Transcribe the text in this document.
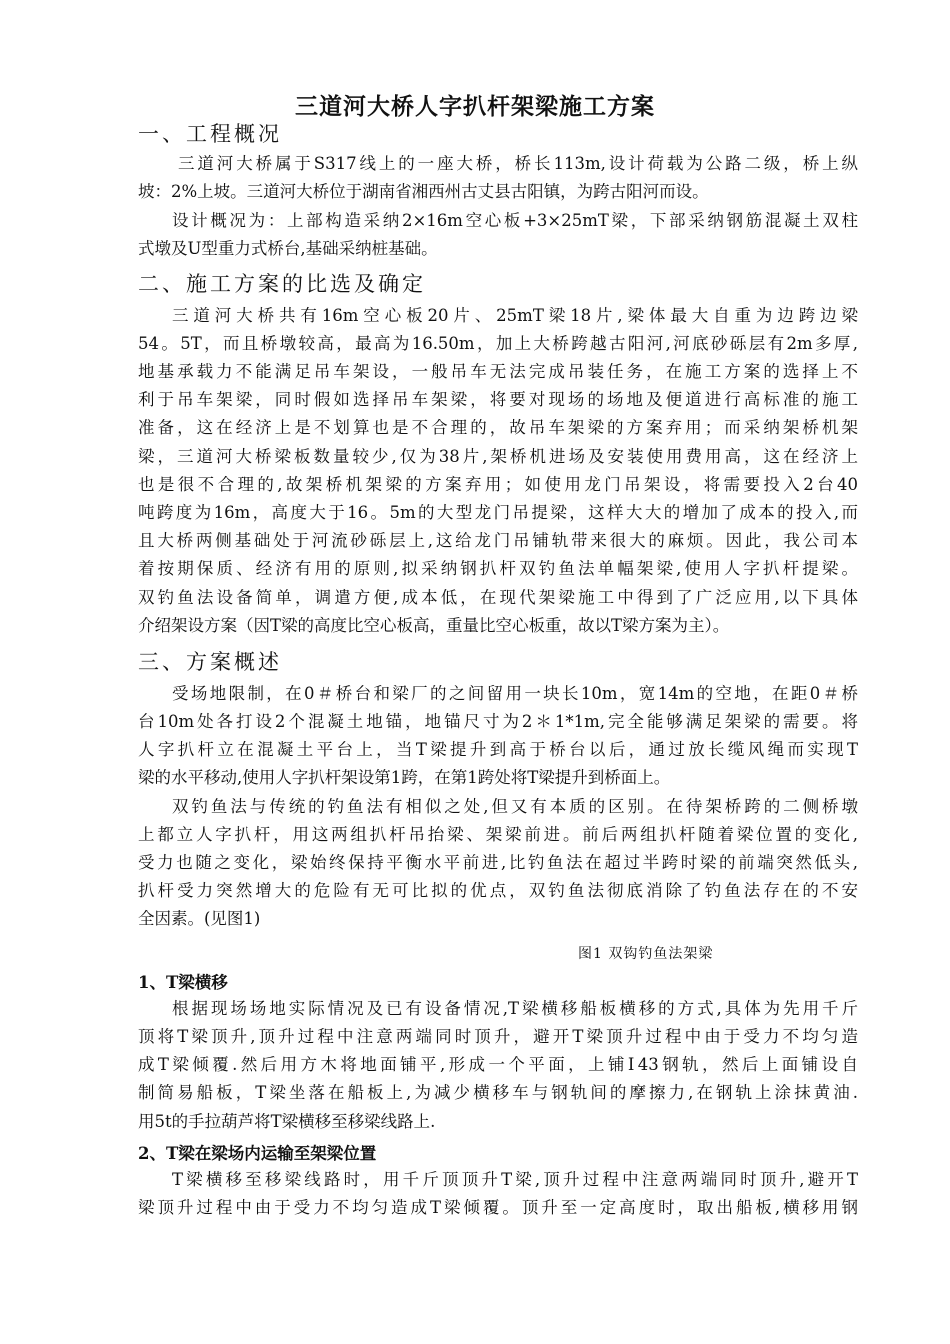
三道河大桥人字扒杆架梁施工方案
一、工程概况
三道河大桥属于S317线上的一座大桥，桥长113m,设计荷载为公路二级，桥上纵
坡：2%上坡。三道河大桥位于湖南省湘西州古丈县古阳镇，为跨古阳河而设。
设计概况为：上部构造采纳2×16m空心板+3×25mT梁，下部采纳钢筋混凝土双柱
式墩及U型重力式桥台,基础采纳桩基础。
二、施工方案的比选及确定
三道河大桥共有16m空心板20片、25mT梁18片,梁体最大自重为边跨边梁
54。5T，而且桥墩较高，最高为16.50m，加上大桥跨越古阳河,河底砂砾层有2m多厚,
地基承载力不能满足吊车架设，一般吊车无法完成吊装任务，在施工方案的选择上不
利于吊车架梁，同时假如选择吊车架梁，将要对现场的场地及便道进行高标准的施工
准备，这在经济上是不划算也是不合理的，故吊车架梁的方案弃用；而采纳架桥机架
梁，三道河大桥梁板数量较少,仅为38片,架桥机进场及安装使用费用高，这在经济上
也是很不合理的,故架桥机架梁的方案弃用；如使用龙门吊架设，将需要投入2台40
吨跨度为16m，高度大于16。5m的大型龙门吊提梁，这样大大的增加了成本的投入,而
且大桥两侧基础处于河流砂砾层上,这给龙门吊铺轨带来很大的麻烦。因此，我公司本
着按期保质、经济有用的原则,拟采纳钢扒杆双钓鱼法单幅架梁,使用人字扒杆提梁。
双钓鱼法设备简单，调遣方便,成本低，在现代架梁施工中得到了广泛应用,以下具体
介绍架设方案（因T梁的高度比空心板高，重量比空心板重，故以T梁方案为主）。
三、方案概述
受场地限制，在0＃桥台和梁厂的之间留用一块长10m，宽14m的空地，在距0＃桥
台10m处各打设2个混凝土地锚，地锚尺寸为2＊1*1m,完全能够满足架梁的需要。将
人字扒杆立在混凝土平台上，当T梁提升到高于桥台以后，通过放长缆风绳而实现T
梁的水平移动,使用人字扒杆架设第1跨，在第1跨处将T梁提升到桥面上。
双钓鱼法与传统的钓鱼法有相似之处,但又有本质的区别。在待架桥跨的二侧桥墩
上都立人字扒杆，用这两组扒杆吊抬梁、架梁前进。前后两组扒杆随着梁位置的变化,
受力也随之变化，梁始终保持平衡水平前进,比钓鱼法在超过半跨时梁的前端突然低头,
扒杆受力突然增大的危险有无可比拟的优点，双钓鱼法彻底消除了钓鱼法存在的不安
全因素。(见图1)
图1 双钩钓鱼法架梁
1、T梁横移
根据现场场地实际情况及已有设备情况,T梁横移船板横移的方式,具体为先用千斤
顶将T梁顶升,顶升过程中注意两端同时顶升，避开T梁顶升过程中由于受力不均匀造
成T梁倾覆.然后用方木将地面铺平,形成一个平面，上铺Ⅰ43钢轨，然后上面铺设自
制简易船板，T梁坐落在船板上,为减少横移车与钢轨间的摩擦力,在钢轨上涂抹黄油.
用5t的手拉葫芦将T梁横移至移梁线路上.
2、T梁在梁场内运输至架梁位置
T梁横移至移梁线路时，用千斤顶顶升T梁,顶升过程中注意两端同时顶升,避开T
梁顶升过程中由于受力不均匀造成T梁倾覆。顶升至一定高度时，取出船板,横移用钢
